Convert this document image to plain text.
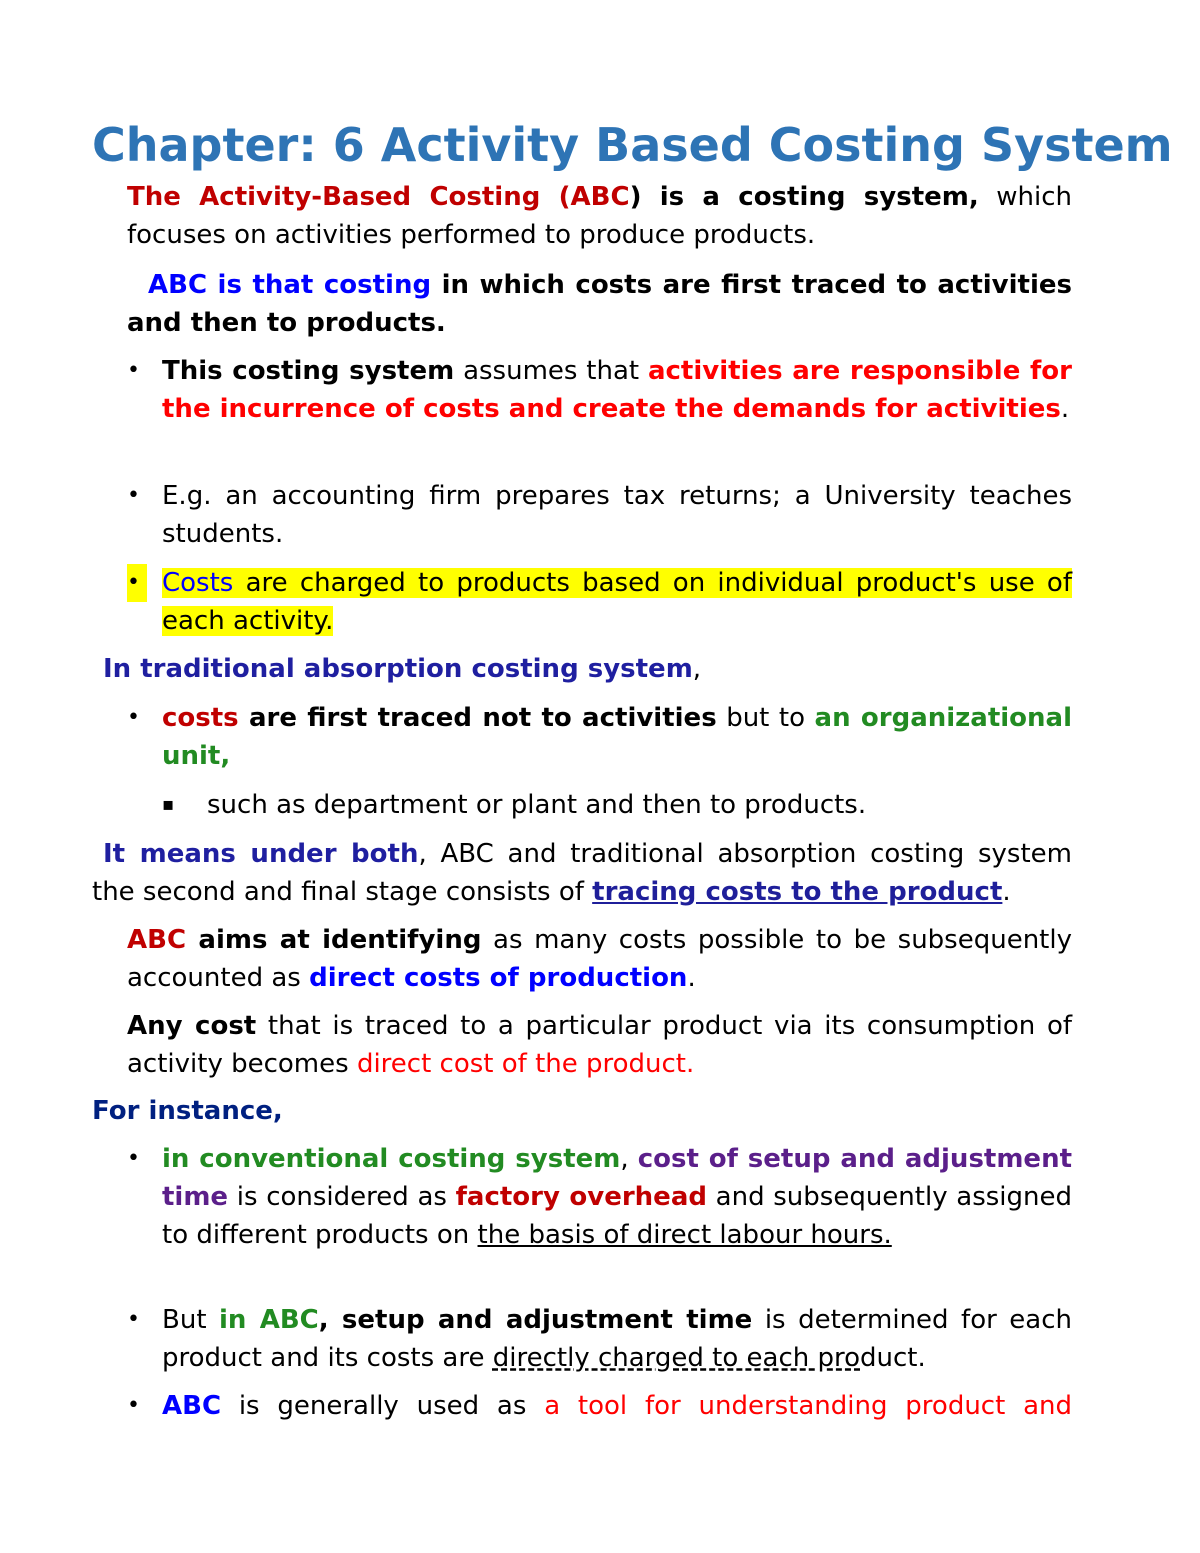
Chapter: 6 Activity Based Costing System

The Activity-Based Costing (ABC) is a costing system, which focuses on activities performed to produce products.

ABC is that costing in which costs are first traced to activities and then to products.

• This costing system assumes that activities are responsible for the incurrence of costs and create the demands for activities.

• E.g. an accounting firm prepares tax returns; a University teaches students.

• Costs are charged to products based on individual product's use of each activity.

In traditional absorption costing system,

• costs are first traced not to activities but to an organizational unit,

▪ such as department or plant and then to products.

It means under both, ABC and traditional absorption costing system the second and final stage consists of tracing costs to the product.

ABC aims at identifying as many costs possible to be subsequently accounted as direct costs of production.

Any cost that is traced to a particular product via its consumption of activity becomes direct cost of the product.

For instance,

• in conventional costing system, cost of setup and adjustment time is considered as factory overhead and subsequently assigned to different products on the basis of direct labour hours.

• But in ABC, setup and adjustment time is determined for each product and its costs are directly charged to each product.

• ABC is generally used as a tool for understanding product and
